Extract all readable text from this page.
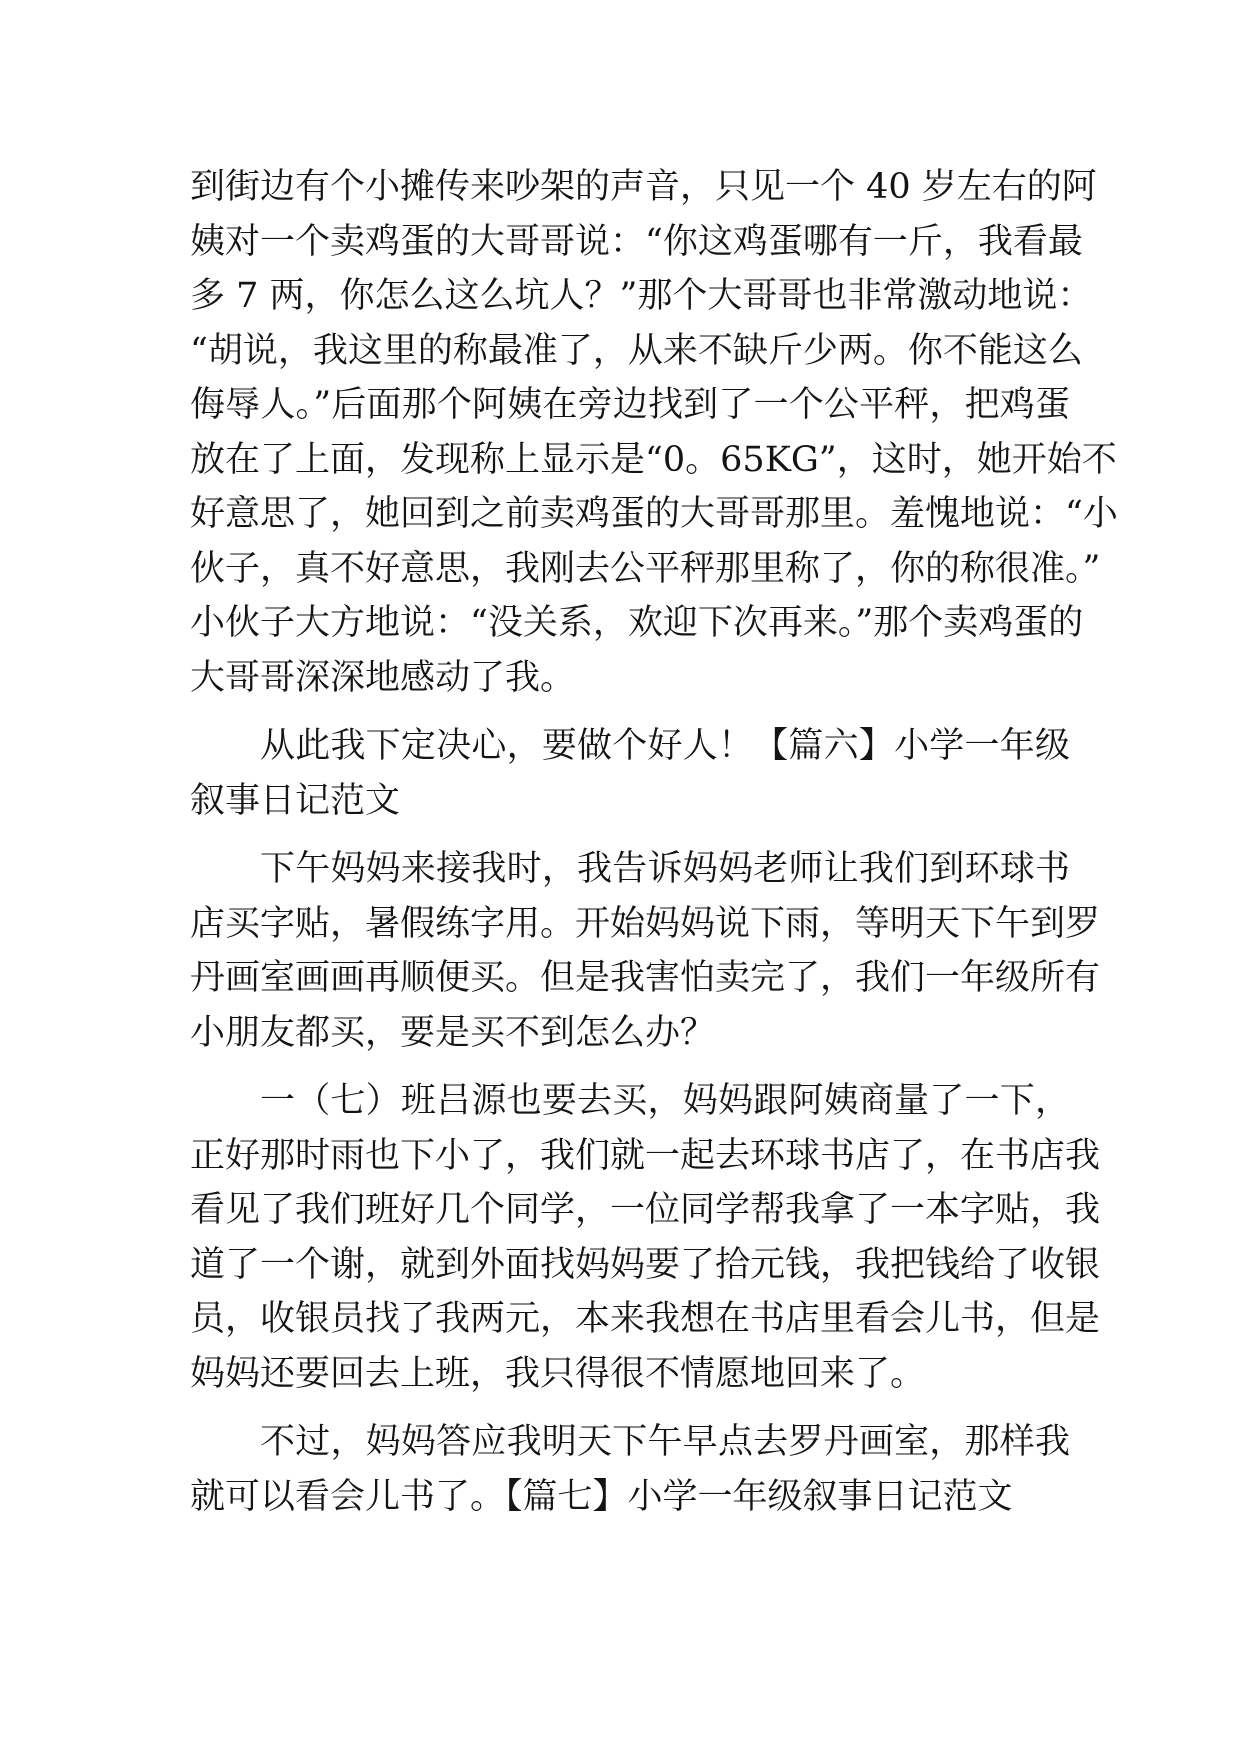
到街边有个小摊传来吵架的声音，只见一个 40 岁左右的阿
姨对一个卖鸡蛋的大哥哥说：“你这鸡蛋哪有一斤，我看最
多 7 两，你怎么这么坑人？”那个大哥哥也非常激动地说：
“胡说，我这里的称最准了，从来不缺斤少两。你不能这么
侮辱人。”后面那个阿姨在旁边找到了一个公平秤，把鸡蛋
放在了上面，发现称上显示是“0。65KG”，这时，她开始不
好意思了，她回到之前卖鸡蛋的大哥哥那里。羞愧地说：“小
伙子，真不好意思，我刚去公平秤那里称了，你的称很准。”
小伙子大方地说：“没关系，欢迎下次再来。”那个卖鸡蛋的
大哥哥深深地感动了我。
从此我下定决心，要做个好人！【篇六】小学一年级
叙事日记范文
下午妈妈来接我时，我告诉妈妈老师让我们到环球书
店买字贴，暑假练字用。开始妈妈说下雨，等明天下午到罗
丹画室画画再顺便买。但是我害怕卖完了，我们一年级所有
小朋友都买，要是买不到怎么办？
一（七）班吕源也要去买，妈妈跟阿姨商量了一下，
正好那时雨也下小了，我们就一起去环球书店了，在书店我
看见了我们班好几个同学，一位同学帮我拿了一本字贴，我
道了一个谢，就到外面找妈妈要了拾元钱，我把钱给了收银
员，收银员找了我两元，本来我想在书店里看会儿书，但是
妈妈还要回去上班，我只得很不情愿地回来了。
不过，妈妈答应我明天下午早点去罗丹画室，那样我
就可以看会儿书了。【篇七】小学一年级叙事日记范文
